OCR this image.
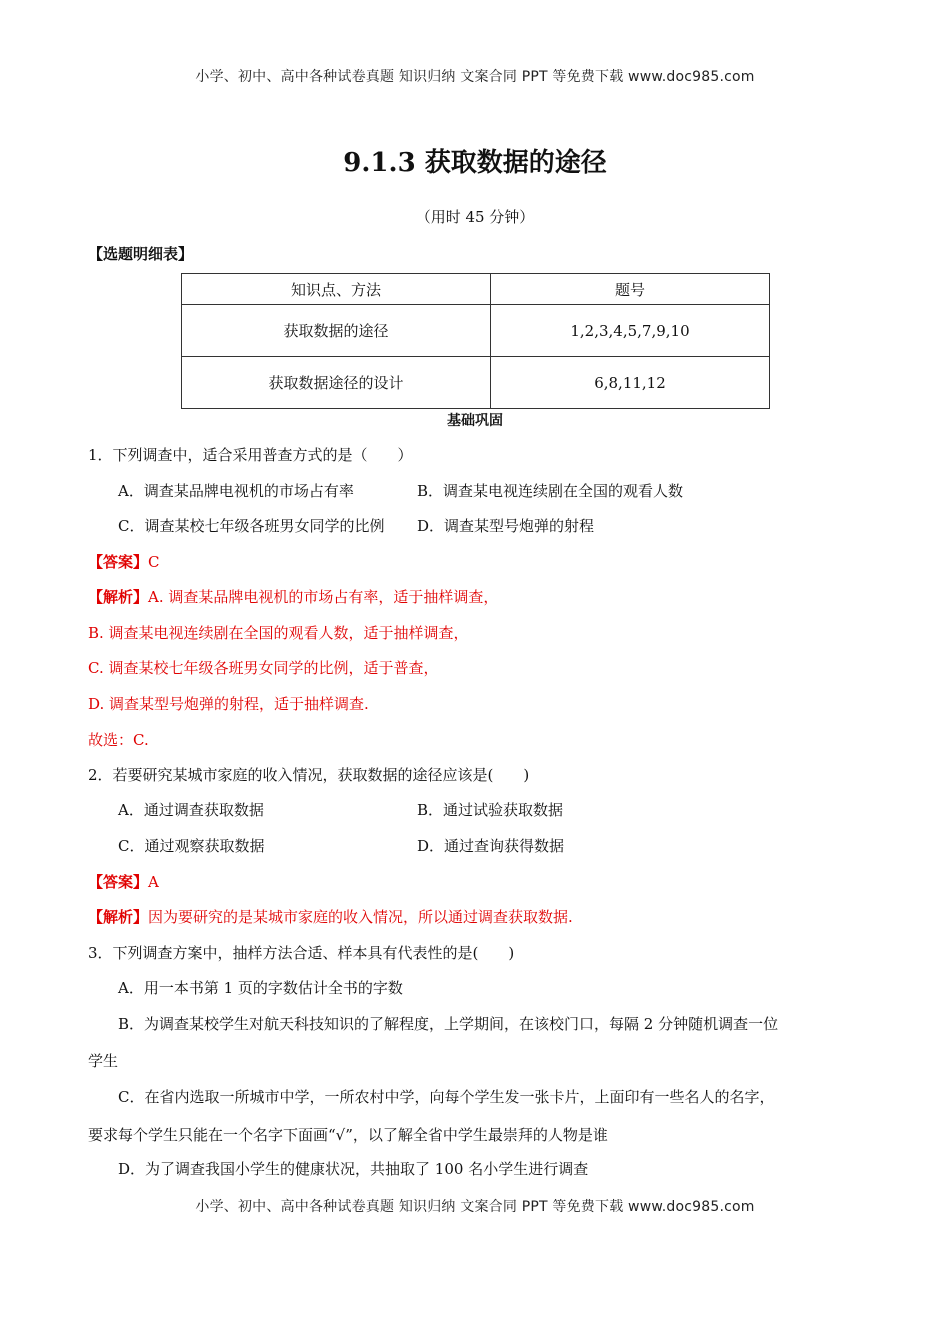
小学、初中、高中各种试卷真题 知识归纳 文案合同 PPT 等免费下载 www.doc985.com
9.1.3 获取数据的途径
（用时 45 分钟）
【选题明细表】
知识点、方法	题号
获取数据的途径	1,2,3,4,5,7,9,10
获取数据途径的设计	6,8,11,12
基础巩固
1．下列调查中，适合采用普查方式的是（　　）
A．调查某品牌电视机的市场占有率	B．调查某电视连续剧在全国的观看人数
C．调查某校七年级各班男女同学的比例 D．调查某型号炮弹的射程
【答案】C
【解析】A. 调查某品牌电视机的市场占有率，适于抽样调查，
B. 调查某电视连续剧在全国的观看人数，适于抽样调查，
C. 调查某校七年级各班男女同学的比例，适于普查，
D. 调查某型号炮弹的射程，适于抽样调查.
故选：C.
2．若要研究某城市家庭的收入情况，获取数据的途径应该是(　　)
A．通过调查获取数据	B．通过试验获取数据
C．通过观察获取数据	D．通过查询获得数据
【答案】A
【解析】因为要研究的是某城市家庭的收入情况，所以通过调查获取数据.
3．下列调查方案中，抽样方法合适、样本具有代表性的是(　　)
A．用一本书第 1 页的字数估计全书的字数
B．为调查某校学生对航天科技知识的了解程度，上学期间，在该校门口，每隔 2 分钟随机调查一位
学生
C．在省内选取一所城市中学，一所农村中学，向每个学生发一张卡片，上面印有一些名人的名字，
要求每个学生只能在一个名字下面画“√”，以了解全省中学生最崇拜的人物是谁
D．为了调查我国小学生的健康状况，共抽取了 100 名小学生进行调查
小学、初中、高中各种试卷真题 知识归纳 文案合同 PPT 等免费下载 www.doc985.com
